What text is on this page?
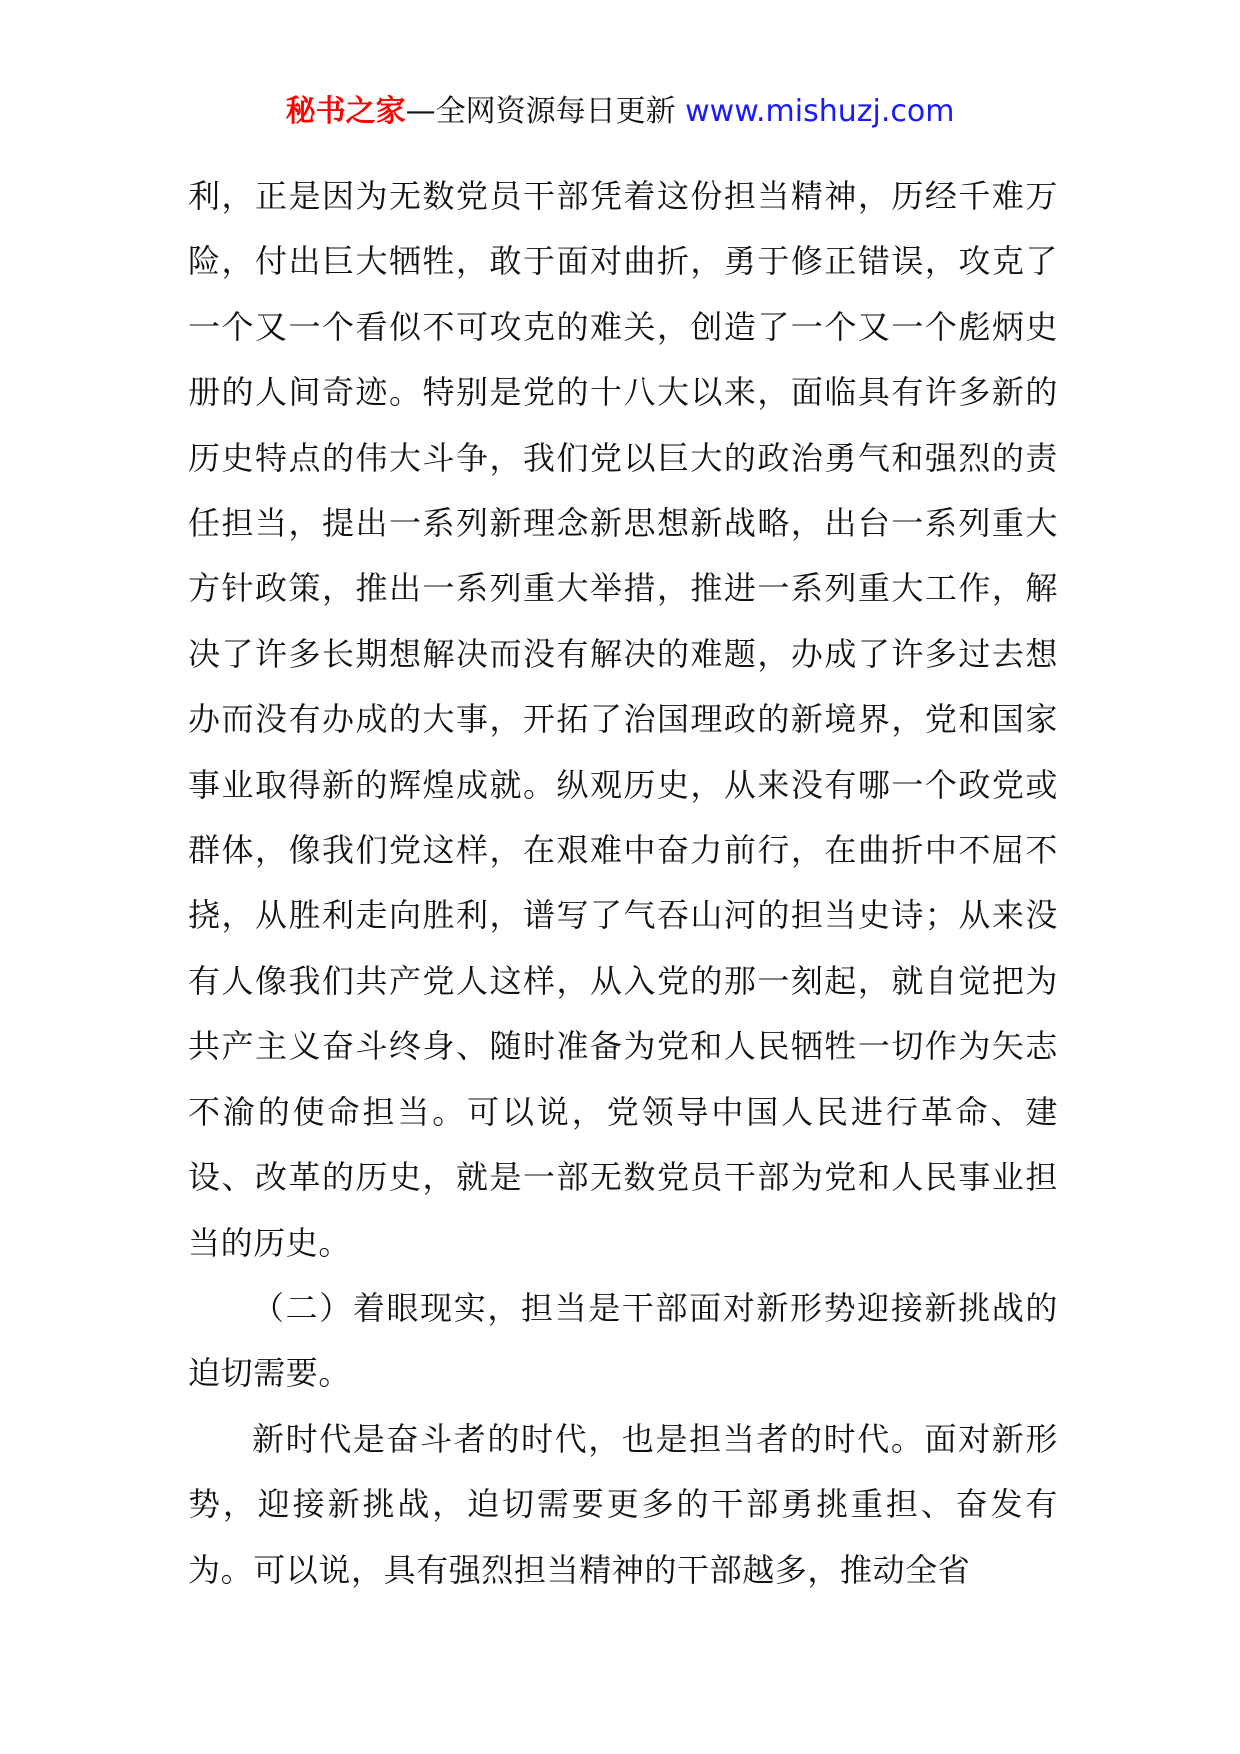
秘书之家—全网资源每日更新 www.mishuzj.com

利，正是因为无数党员干部凭着这份担当精神，历经千难万险，付出巨大牺牲，敢于面对曲折，勇于修正错误，攻克了一个又一个看似不可攻克的难关，创造了一个又一个彪炳史册的人间奇迹。特别是党的十八大以来，面临具有许多新的历史特点的伟大斗争，我们党以巨大的政治勇气和强烈的责任担当，提出一系列新理念新思想新战略，出台一系列重大方针政策，推出一系列重大举措，推进一系列重大工作，解决了许多长期想解决而没有解决的难题，办成了许多过去想办而没有办成的大事，开拓了治国理政的新境界，党和国家事业取得新的辉煌成就。纵观历史，从来没有哪一个政党或群体，像我们党这样，在艰难中奋力前行，在曲折中不屈不挠，从胜利走向胜利，谱写了气吞山河的担当史诗；从来没有人像我们共产党人这样，从入党的那一刻起，就自觉把为共产主义奋斗终身、随时准备为党和人民牺牲一切作为矢志不渝的使命担当。可以说，党领导中国人民进行革命、建设、改革的历史，就是一部无数党员干部为党和人民事业担当的历史。

（二）着眼现实，担当是干部面对新形势迎接新挑战的迫切需要。

新时代是奋斗者的时代，也是担当者的时代。面对新形势，迎接新挑战，迫切需要更多的干部勇挑重担、奋发有为。可以说，具有强烈担当精神的干部越多，推动全省
